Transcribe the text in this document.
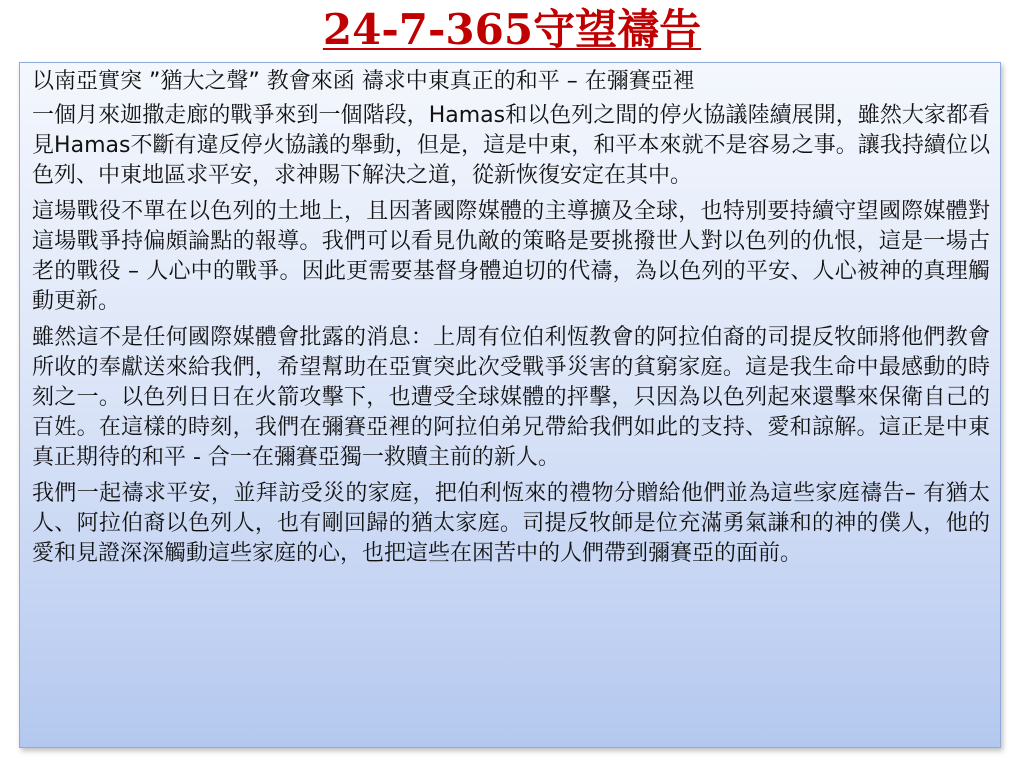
24-7-365守望禱告

以南亞實突 ”猶大之聲” 教會來函 禱求中東真正的和平 – 在彌賽亞裡

一個月來迦撒走廊的戰爭來到一個階段，Hamas和以色列之間的停火協議陸續展開，雖然大家都看見Hamas不斷有違反停火協議的舉動，但是，這是中東，和平本來就不是容易之事。讓我持續位以色列、中東地區求平安，求神賜下解決之道，從新恢復安定在其中。

這場戰役不單在以色列的土地上，且因著國際媒體的主導擴及全球，也特別要持續守望國際媒體對這場戰爭持偏頗論點的報導。我們可以看見仇敵的策略是要挑撥世人對以色列的仇恨，這是一場古老的戰役 – 人心中的戰爭。因此更需要基督身體迫切的代禱，為以色列的平安、人心被神的真理觸動更新。

雖然這不是任何國際媒體會批露的消息：上周有位伯利恆教會的阿拉伯裔的司提反牧師將他們教會所收的奉獻送來給我們，希望幫助在亞實突此次受戰爭災害的貧窮家庭。這是我生命中最感動的時刻之一。以色列日日在火箭攻擊下，也遭受全球媒體的抨擊，只因為以色列起來還擊來保衛自己的百姓。在這樣的時刻，我們在彌賽亞裡的阿拉伯弟兄帶給我們如此的支持、愛和諒解。這正是中東真正期待的和平 - 合一在彌賽亞獨一救贖主前的新人。

我們一起禱求平安，並拜訪受災的家庭，把伯利恆來的禮物分贈給他們並為這些家庭禱告– 有猶太人、阿拉伯裔以色列人，也有剛回歸的猶太家庭。司提反牧師是位充滿勇氣謙和的神的僕人，他的愛和見證深深觸動這些家庭的心，也把這些在困苦中的人們帶到彌賽亞的面前。
